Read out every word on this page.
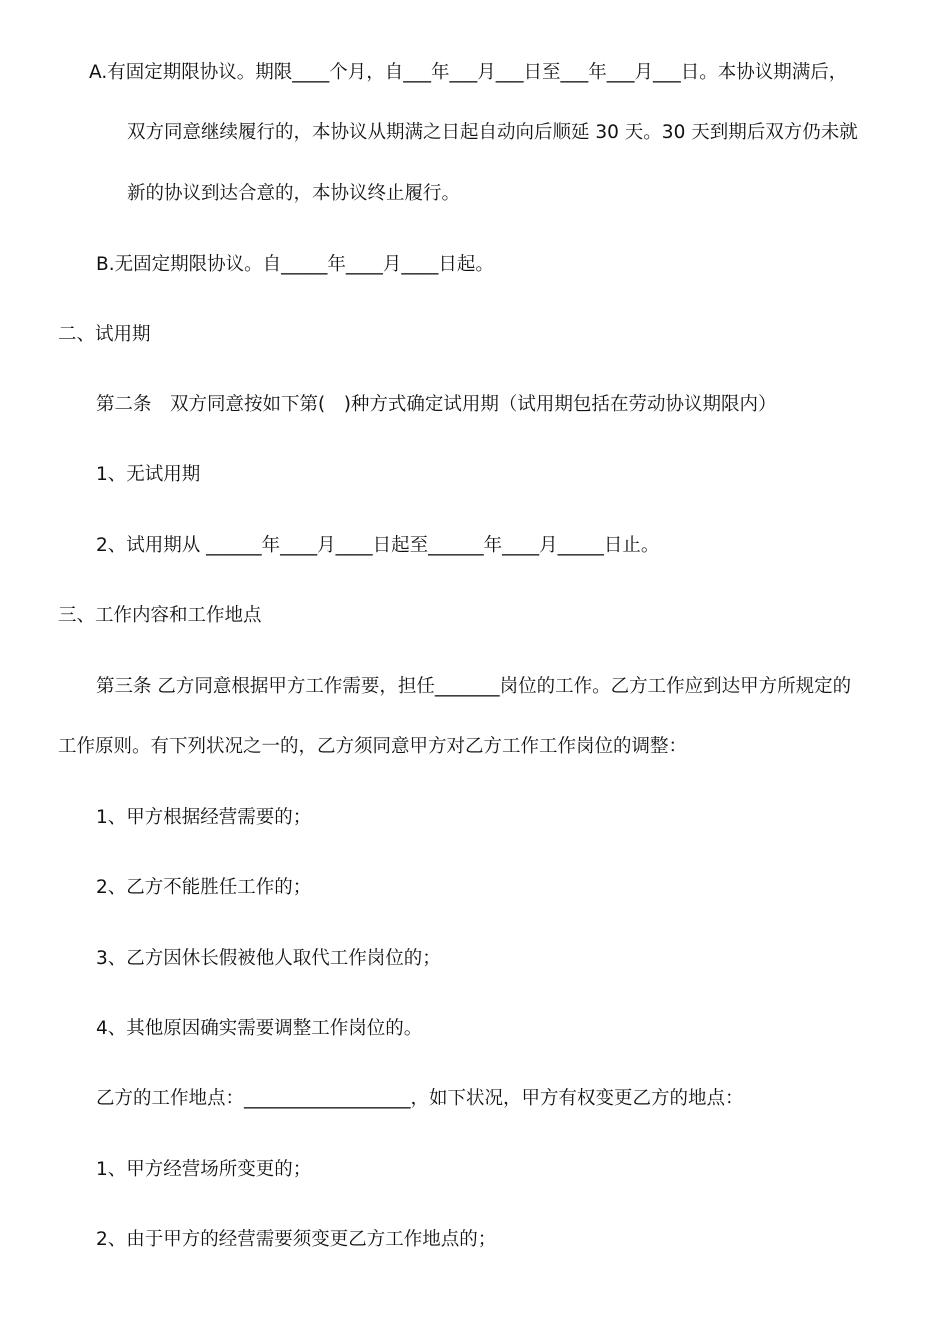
A.有固定期限协议。期限____个月，自___年___月___日至___年___月___日。本协议期满后，
双方同意继续履行的，本协议从期满之日起自动向后顺延 30 天。30 天到期后双方仍未就
新的协议到达合意的，本协议终止履行。
B.无固定期限协议。自_____年____月____日起。
二、试用期
第二条　双方同意按如下第(　)种方式确定试用期（试用期包括在劳动协议期限内）
1、无试用期
2、试用期从 ______年____月____日起至______年____月_____日止。
三、工作内容和工作地点
第三条 乙方同意根据甲方工作需要，担任_______岗位的工作。乙方工作应到达甲方所规定的
工作原则。有下列状况之一的，乙方须同意甲方对乙方工作工作岗位的调整：
1、甲方根据经营需要的；
2、乙方不能胜任工作的；
3、乙方因休长假被他人取代工作岗位的；
4、其他原因确实需要调整工作岗位的。
乙方的工作地点：__________________，如下状况，甲方有权变更乙方的地点：
1、甲方经营场所变更的；
2、由于甲方的经营需要须变更乙方工作地点的；
